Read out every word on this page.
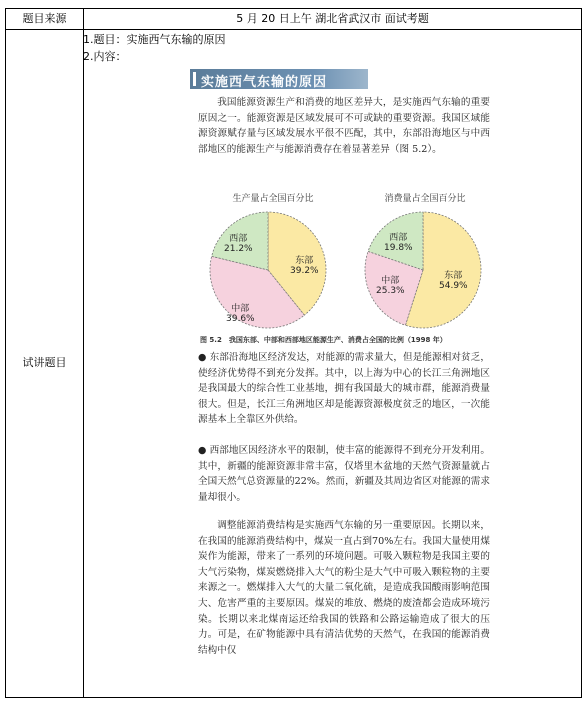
题目来源	5 月 20 日上午 湖北省武汉市 面试考题
试讲题目
1.题目：实施西气东输的原因
2.内容：
实施西气东输的原因
我国能源资源生产和消费的地区差异大，是实施西气东输的重要原因之一。能源资源是区域发展可不可或缺的重要资源。我国区域能源资源赋存量与区域发展水平很不匹配，其中，东部沿海地区与中西部地区的能源生产与能源消费存在着显著差异（图 5.2）。
生产量占全国百分比	消费量占全国百分比
东部
39.2%
中部
39.6%
西部
21.2%
东部
54.9%
中部
25.3%
西部
19.8%
图 5.2　我国东部、中部和西部地区能源生产、消费占全国的比例（1998 年）
● 东部沿海地区经济发达，对能源的需求量大，但是能源相对贫乏，使经济优势得不到充分发挥。其中，以上海为中心的长江三角洲地区是我国最大的综合性工业基地，拥有我国最大的城市群，能源消费量很大。但是，长江三角洲地区却是能源资源极度贫乏的地区，一次能源基本上全靠区外供给。
● 西部地区因经济水平的限制，使丰富的能源得不到充分开发利用。其中，新疆的能源资源非常丰富，仅塔里木盆地的天然气资源量就占全国天然气总资源量的22%。然而，新疆及其周边省区对能源的需求量却很小。
调整能源消费结构是实施西气东输的另一重要原因。长期以来，在我国的能源消费结构中，煤炭一直占到70%左右。我国大量使用煤炭作为能源，带来了一系列的环境问题。可吸入颗粒物是我国主要的大气污染物，煤炭燃烧排入大气的粉尘是大气中可吸入颗粒物的主要来源之一。燃煤排入大气的大量二氧化硫，是造成我国酸雨影响范围大、危害严重的主要原因。煤炭的堆放、燃烧的废渣都会造成环境污染。长期以来北煤南运还给我国的铁路和公路运输造成了很大的压力。可是，在矿物能源中具有清洁优势的天然气，在我国的能源消费结构中仅
